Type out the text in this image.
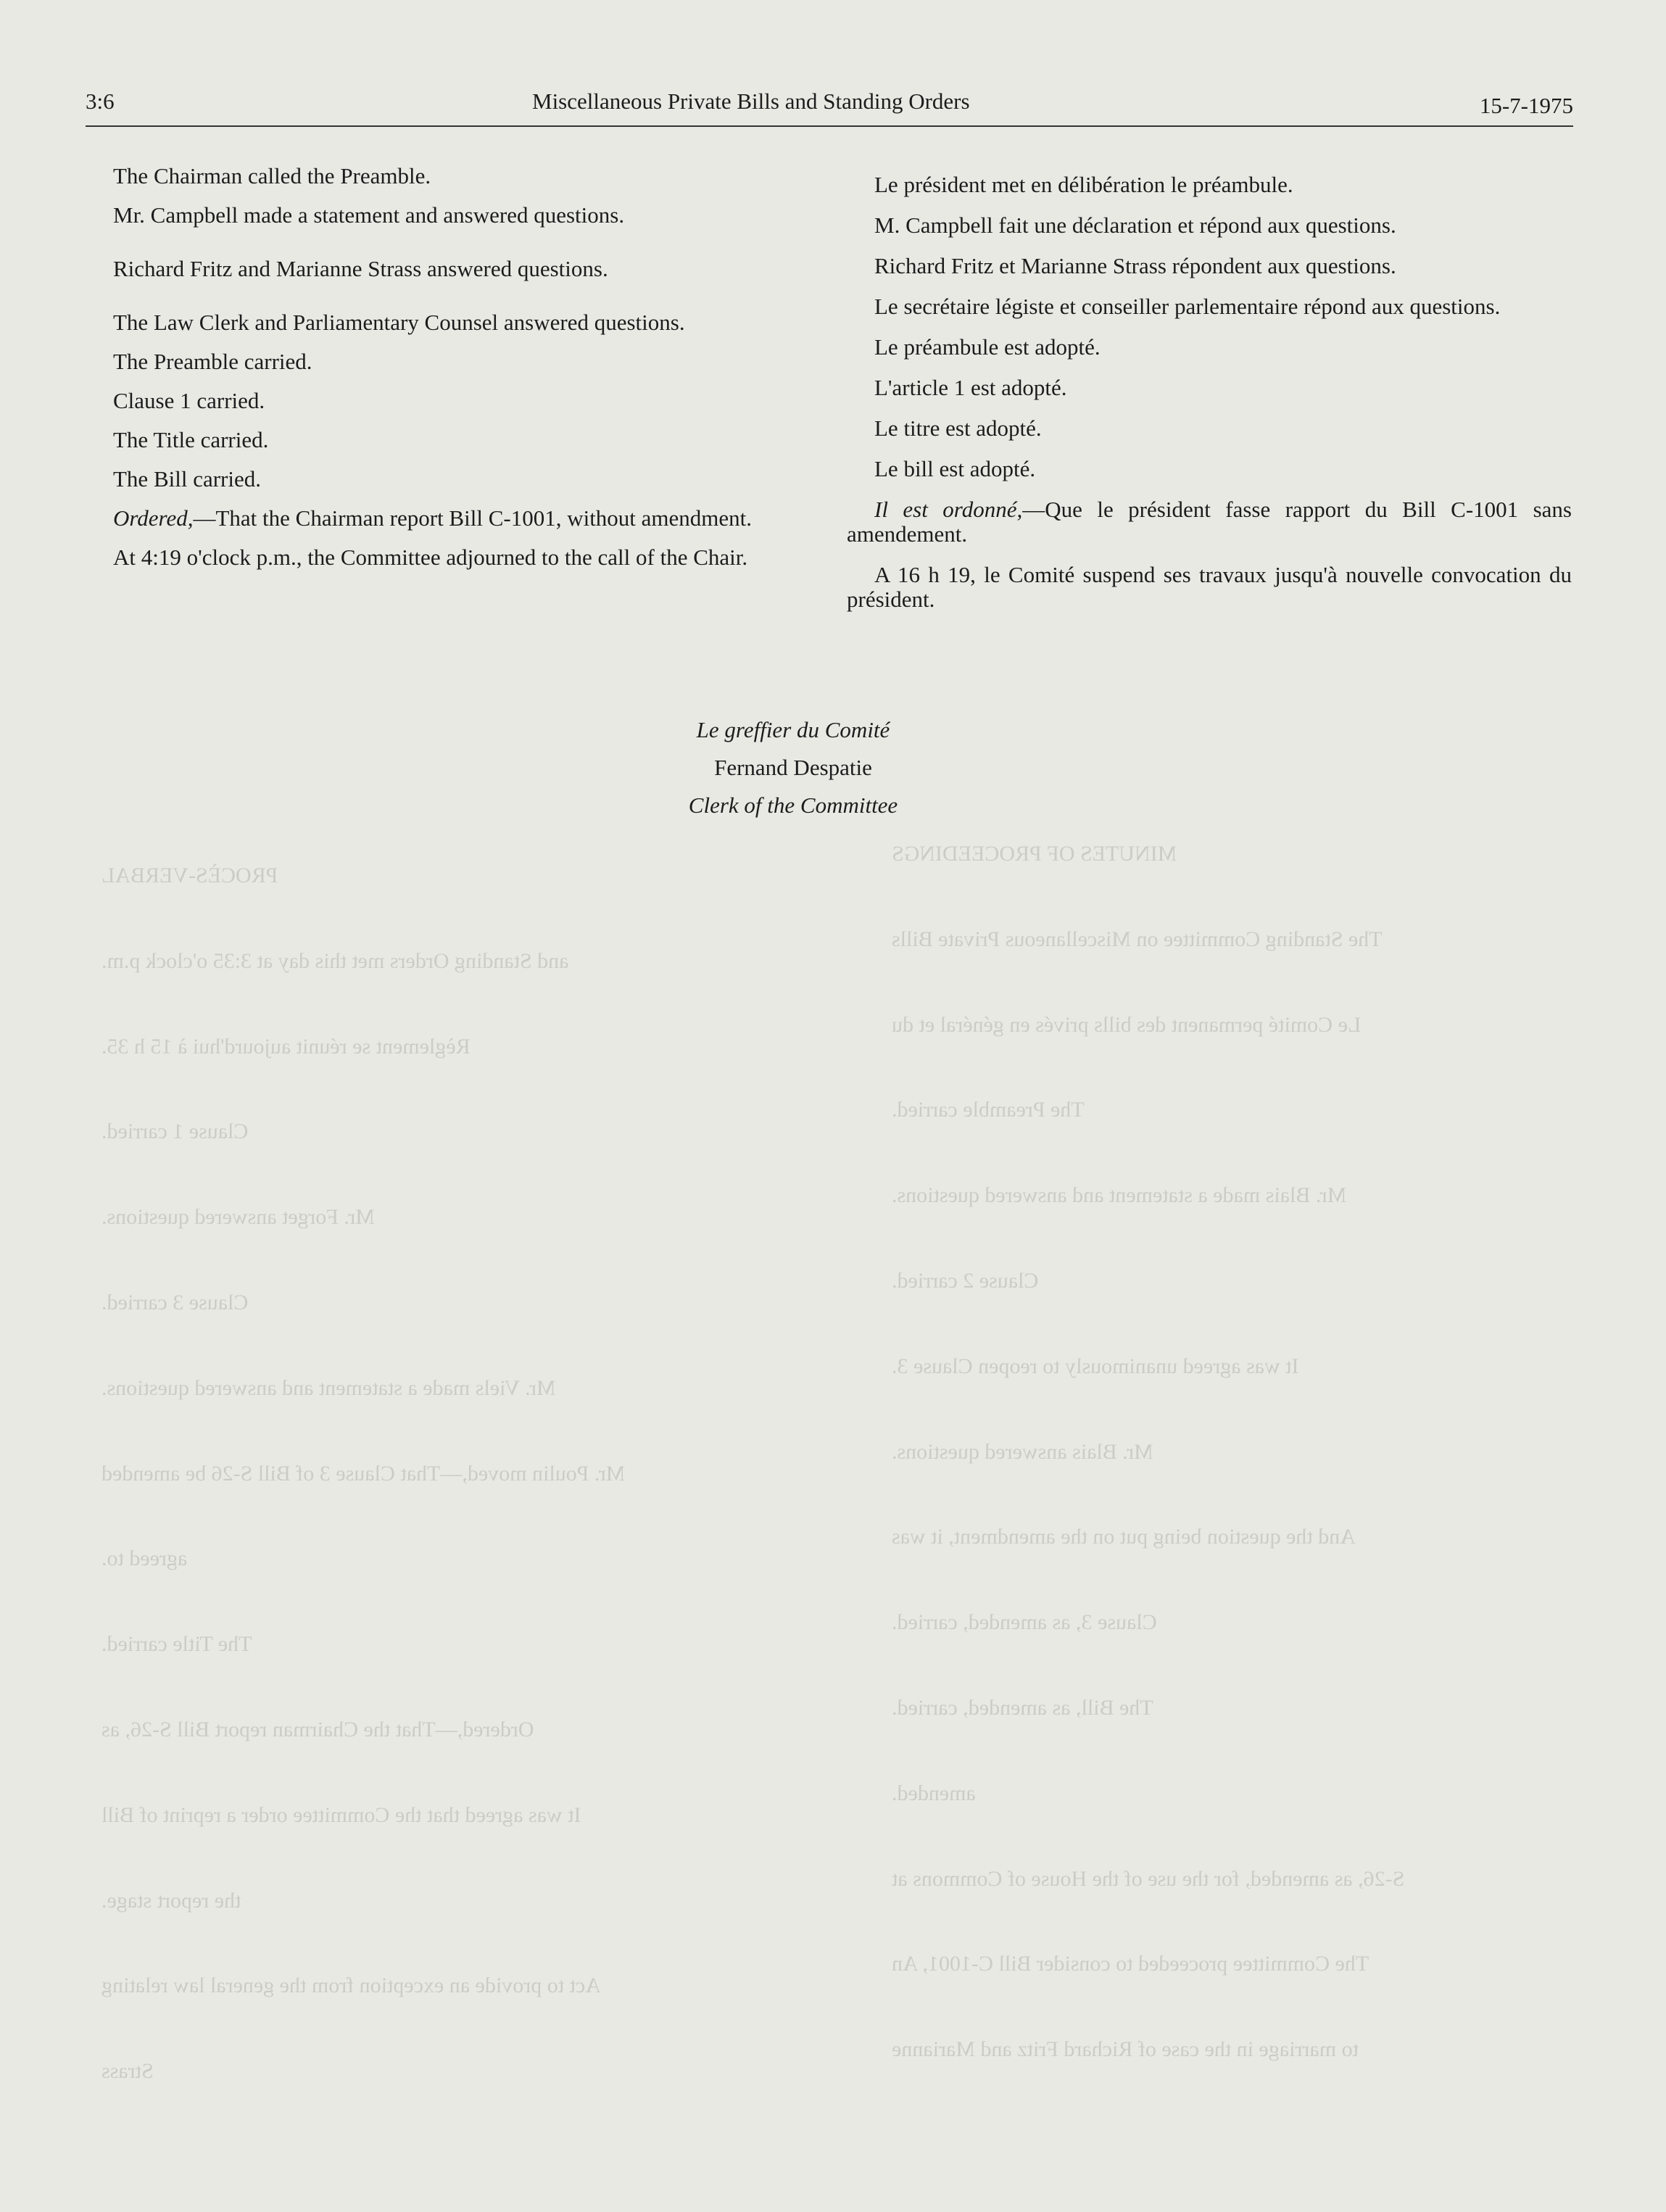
MINUTES OF PROCEEDINGS
PROCÈS-VERBAL
The Standing Committee on Miscellaneous Private Bills
and Standing Orders met this day at 3:35 o'clock p.m.
Le Comité permanent des bills privés en général et du
Règlement se réunit aujourd'hui à 15 h 35.
The Preamble carried.
Clause 1 carried.
Mr. Blais made a statement and answered questions.
Mr. Forget answered questions.
Clause 2 carried.
Clause 3 carried.
It was agreed unanimously to reopen Clause 3.
Mr. Viels made a statement and answered questions.
Mr. Blais answered questions.
Mr. Poulin moved,—That Clause 3 of Bill S-26 be amended
And the question being put on the amendment, it was
agreed to.
Clause 3, as amended, carried.
The Title carried.
The Bill, as amended, carried.
Ordered,—That the Chairman report Bill S-26, as
amended.
It was agreed that the Committee order a reprint of Bill
S-26, as amended, for the use of the House of Commons at
the report stage.
The Committee proceeded to consider Bill C-1001, An
Act to provide an exception from the general law relating
to marriage in the case of Richard Fritz and Marianne
Strass
3:6	Miscellaneous Private Bills and Standing Orders	15-7-1975

The Chairman called the Preamble.

Mr. Campbell made a statement and answered questions.

Richard Fritz and Marianne Strass answered questions.

The Law Clerk and Parliamentary Counsel answered questions.

The Preamble carried.

Clause 1 carried.

The Title carried.

The Bill carried.

Ordered,—That the Chairman report Bill C-1001, without amendment.

At 4:19 o'clock p.m., the Committee adjourned to the call of the Chair.

Le président met en délibération le préambule.

M. Campbell fait une déclaration et répond aux questions.

Richard Fritz et Marianne Strass répondent aux questions.

Le secrétaire légiste et conseiller parlementaire répond aux questions.

Le préambule est adopté.

L'article 1 est adopté.

Le titre est adopté.

Le bill est adopté.

Il est ordonné,—Que le président fasse rapport du Bill C-1001 sans amendement.

A 16 h 19, le Comité suspend ses travaux jusqu'à nouvelle convocation du président.

Le greffier du Comité
Fernand Despatie
Clerk of the Committee
